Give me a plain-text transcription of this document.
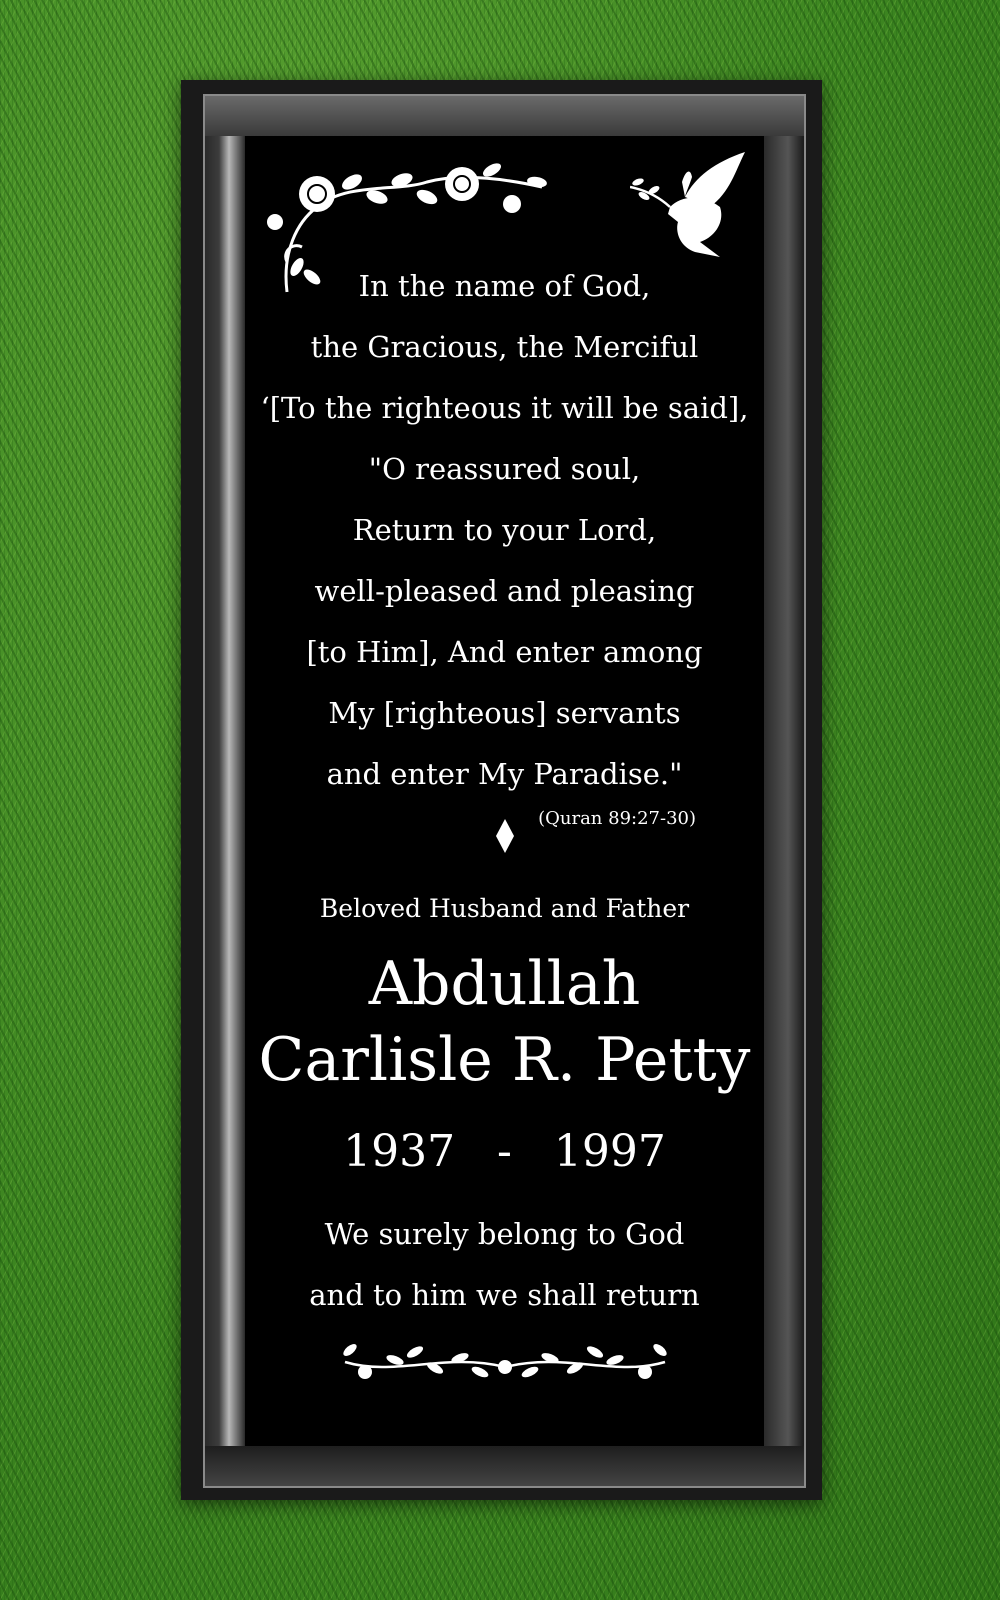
In the name of God,
the Gracious, the Merciful
‘[To the righteous it will be said],
"O reassured soul,
Return to your Lord,
well-pleased and pleasing
[to Him], And enter among
My [righteous] servants
and enter My Paradise."
(Quran 89:27-30)
Beloved Husband and Father
Abdullah
Carlisle R. Petty
1937   -   1997
We surely belong to God
and to him we shall return
